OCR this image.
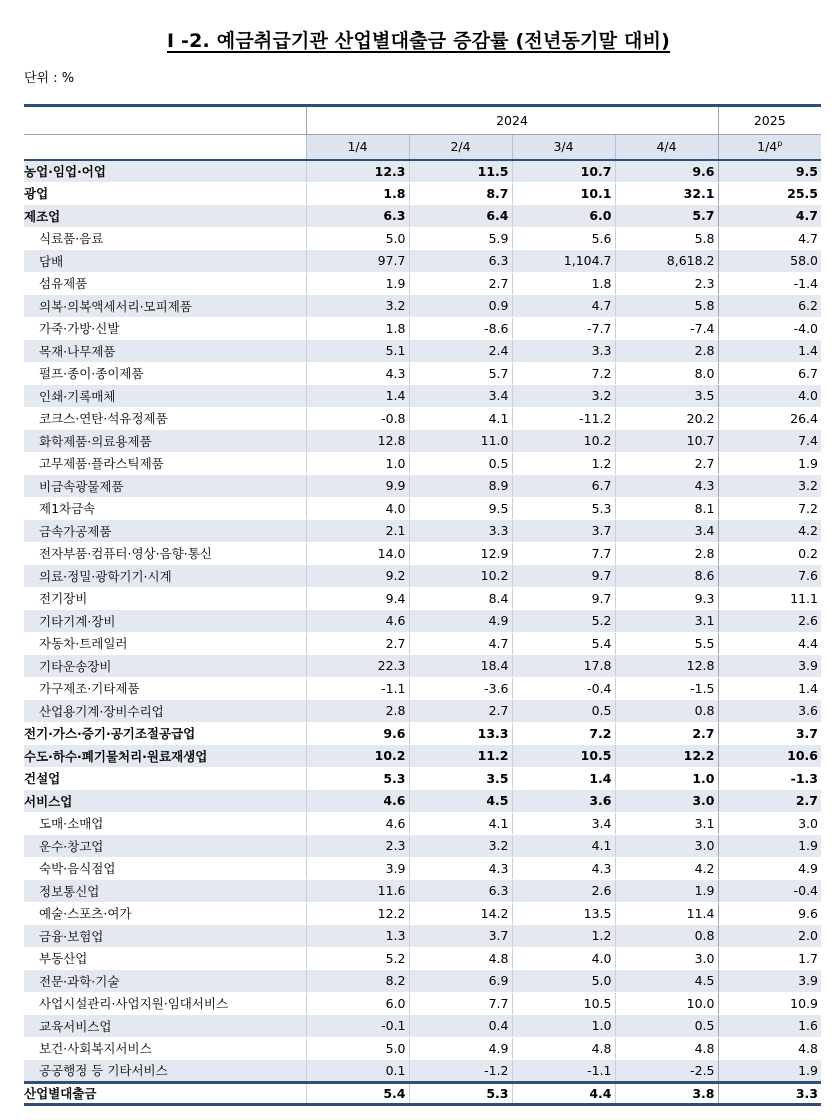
I -2. 예금취급기관 산업별대출금 증감률 (전년동기말 대비)
단위 : %
	2024				2025
	1/4	2/4	3/4	4/4	1/4$^p$
농업·임업·어업	12.3	11.5	10.7	9.6	9.5
광업	1.8	8.7	10.1	32.1	25.5
제조업	6.3	6.4	6.0	5.7	4.7
식료품·음료	5.0	5.9	5.6	5.8	4.7
담배	97.7	6.3	1,104.7	8,618.2	58.0
섬유제품	1.9	2.7	1.8	2.3	-1.4
의복·의복액세서리·모피제품	3.2	0.9	4.7	5.8	6.2
가죽·가방·신발	1.8	-8.6	-7.7	-7.4	-4.0
목재·나무제품	5.1	2.4	3.3	2.8	1.4
펄프·종이·종이제품	4.3	5.7	7.2	8.0	6.7
인쇄·기록매체	1.4	3.4	3.2	3.5	4.0
코크스·연탄·석유정제품	-0.8	4.1	-11.2	20.2	26.4
화학제품·의료용제품	12.8	11.0	10.2	10.7	7.4
고무제품·플라스틱제품	1.0	0.5	1.2	2.7	1.9
비금속광물제품	9.9	8.9	6.7	4.3	3.2
제1차금속	4.0	9.5	5.3	8.1	7.2
금속가공제품	2.1	3.3	3.7	3.4	4.2
전자부품·컴퓨터·영상·음향·통신	14.0	12.9	7.7	2.8	0.2
의료·정밀·광학기기·시계	9.2	10.2	9.7	8.6	7.6
전기장비	9.4	8.4	9.7	9.3	11.1
기타기계·장비	4.6	4.9	5.2	3.1	2.6
자동차·트레일러	2.7	4.7	5.4	5.5	4.4
기타운송장비	22.3	18.4	17.8	12.8	3.9
가구제조·기타제품	-1.1	-3.6	-0.4	-1.5	1.4
산업용기계·장비수리업	2.8	2.7	0.5	0.8	3.6
전기·가스·증기·공기조절공급업	9.6	13.3	7.2	2.7	3.7
수도·하수·폐기물처리·원료재생업	10.2	11.2	10.5	12.2	10.6
건설업	5.3	3.5	1.4	1.0	-1.3
서비스업	4.6	4.5	3.6	3.0	2.7
도매·소매업	4.6	4.1	3.4	3.1	3.0
운수·창고업	2.3	3.2	4.1	3.0	1.9
숙박·음식점업	3.9	4.3	4.3	4.2	4.9
정보통신업	11.6	6.3	2.6	1.9	-0.4
예술·스포츠·여가	12.2	14.2	13.5	11.4	9.6
금융·보험업	1.3	3.7	1.2	0.8	2.0
부동산업	5.2	4.8	4.0	3.0	1.7
전문·과학·기술	8.2	6.9	5.0	4.5	3.9
사업시설관리·사업지원·임대서비스	6.0	7.7	10.5	10.0	10.9
교육서비스업	-0.1	0.4	1.0	0.5	1.6
보건·사회복지서비스	5.0	4.9	4.8	4.8	4.8
공공행정 등 기타서비스	0.1	-1.2	-1.1	-2.5	1.9
산업별대출금	5.4	5.3	4.4	3.8	3.3
